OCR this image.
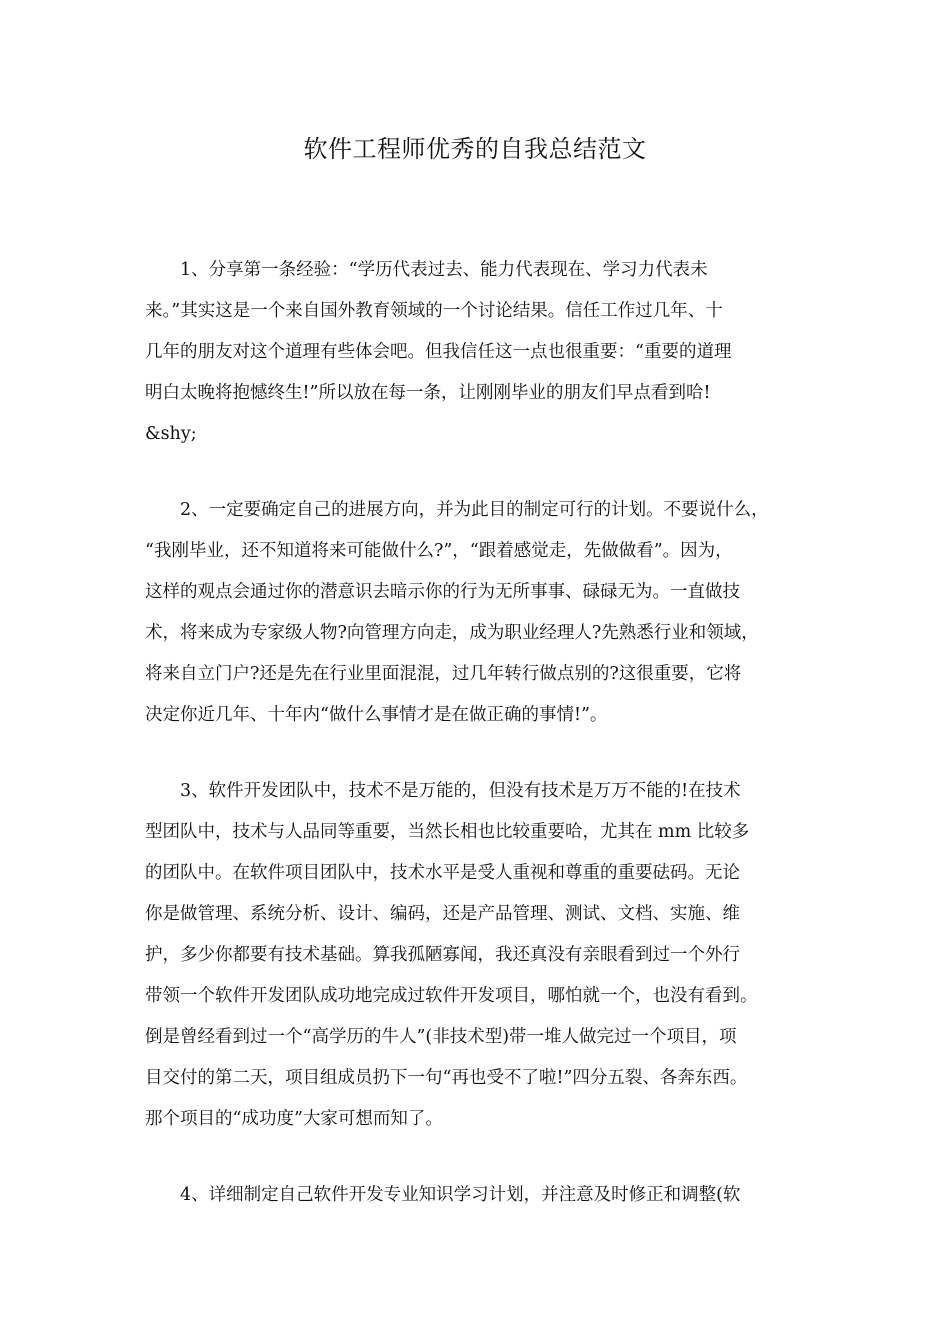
软件工程师优秀的自我总结范文
1、分享第一条经验：“学历代表过去、能力代表现在、学习力代表未
来。”其实这是一个来自国外教育领域的一个讨论结果。信任工作过几年、十
几年的朋友对这个道理有些体会吧。但我信任这一点也很重要：“重要的道理
明白太晚将抱憾终生!”所以放在每一条，让刚刚毕业的朋友们早点看到哈!
&shy;
2、一定要确定自己的进展方向，并为此目的制定可行的计划。不要说什么，
“我刚毕业，还不知道将来可能做什么?”，“跟着感觉走，先做做看”。因为，
这样的观点会通过你的潜意识去暗示你的行为无所事事、碌碌无为。一直做技
术，将来成为专家级人物?向管理方向走，成为职业经理人?先熟悉行业和领域，
将来自立门户?还是先在行业里面混混，过几年转行做点别的?这很重要，它将
决定你近几年、十年内“做什么事情才是在做正确的事情!”。
3、软件开发团队中，技术不是万能的，但没有技术是万万不能的!在技术
型团队中，技术与人品同等重要，当然长相也比较重要哈，尤其在 mm 比较多
的团队中。在软件项目团队中，技术水平是受人重视和尊重的重要砝码。无论
你是做管理、系统分析、设计、编码，还是产品管理、测试、文档、实施、维
护，多少你都要有技术基础。算我孤陋寡闻，我还真没有亲眼看到过一个外行
带领一个软件开发团队成功地完成过软件开发项目，哪怕就一个，也没有看到。
倒是曾经看到过一个“高学历的牛人”(非技术型)带一堆人做完过一个项目，项
目交付的第二天，项目组成员扔下一句“再也受不了啦!”四分五裂、各奔东西。
那个项目的“成功度”大家可想而知了。
4、详细制定自己软件开发专业知识学习计划，并注意及时修正和调整(软
